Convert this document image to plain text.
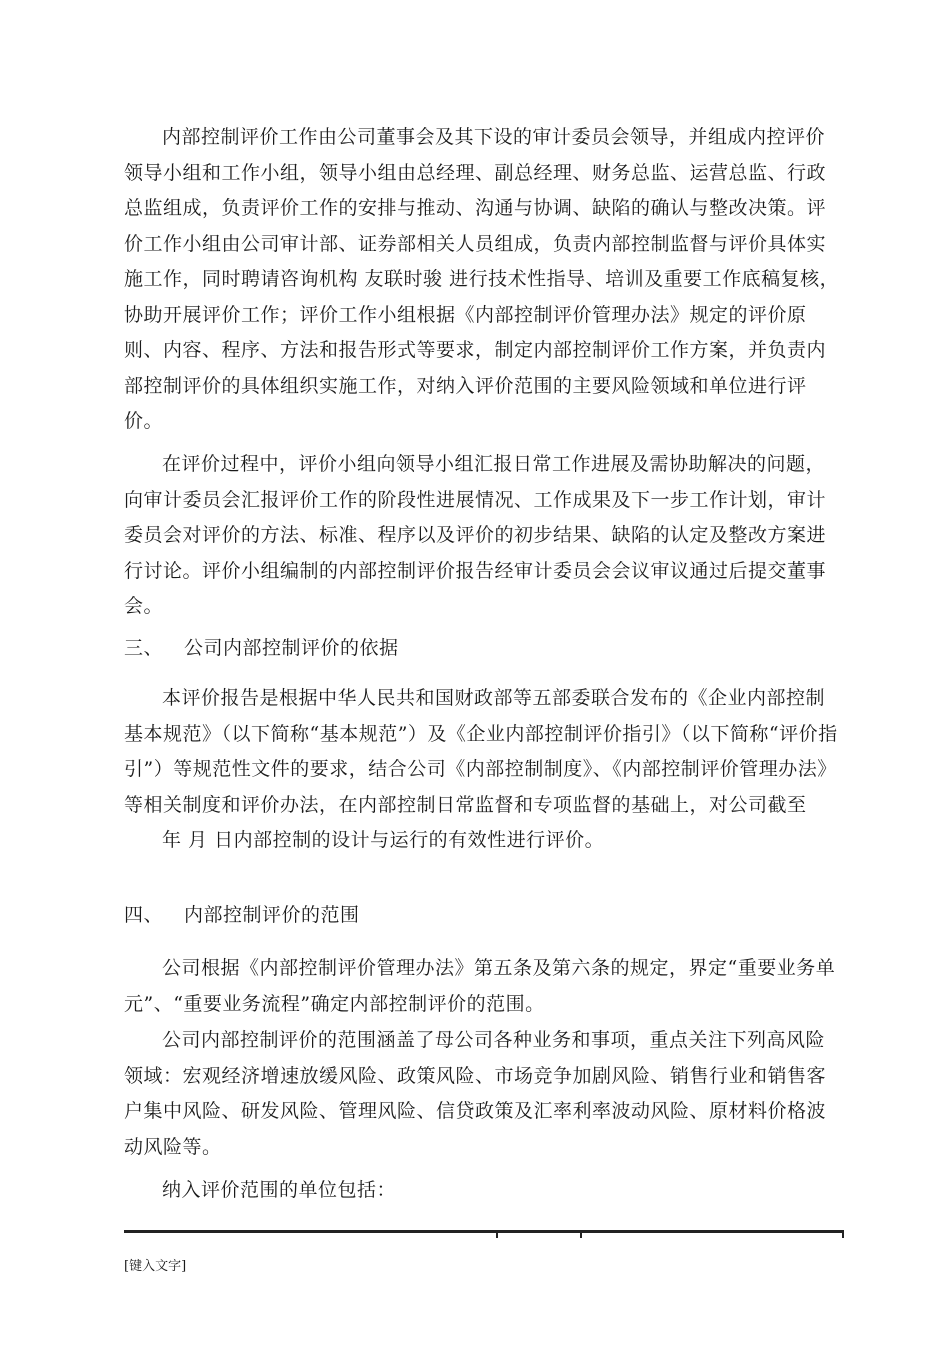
内部控制评价工作由公司董事会及其下设的审计委员会领导，并组成内控评价领导小组和工作小组，领导小组由总经理、副总经理、财务总监、运营总监、行政总监组成，负责评价工作的安排与推动、沟通与协调、缺陷的确认与整改决策。评价工作小组由公司审计部、证券部相关人员组成，负责内部控制监督与评价具体实施工作，同时聘请咨询机构 友联时骏 进行技术性指导、培训及重要工作底稿复核，协助开展评价工作；评价工作小组根据《内部控制评价管理办法》规定的评价原则、内容、程序、方法和报告形式等要求，制定内部控制评价工作方案，并负责内部控制评价的具体组织实施工作，对纳入评价范围的主要风险领域和单位进行评价。

在评价过程中，评价小组向领导小组汇报日常工作进展及需协助解决的问题，向审计委员会汇报评价工作的阶段性进展情况、工作成果及下一步工作计划，审计委员会对评价的方法、标准、程序以及评价的初步结果、缺陷的认定及整改方案进行讨论。评价小组编制的内部控制评价报告经审计委员会会议审议通过后提交董事会。

三、	公司内部控制评价的依据

本评价报告是根据中华人民共和国财政部等五部委联合发布的《企业内部控制基本规范》（以下简称“基本规范”）及《企业内部控制评价指引》（以下简称“评价指引”）等规范性文件的要求，结合公司《内部控制制度》、《内部控制评价管理办法》等相关制度和评价办法，在内部控制日常监督和专项监督的基础上，对公司截至

年 月 日内部控制的设计与运行的有效性进行评价。
四、	内部控制评价的范围

公司根据《内部控制评价管理办法》第五条及第六条的规定，界定“重要业务单元”、“重要业务流程”确定内部控制评价的范围。

公司内部控制评价的范围涵盖了母公司各种业务和事项，重点关注下列高风险领域：宏观经济增速放缓风险、政策风险、市场竞争加剧风险、销售行业和销售客户集中风险、研发风险、管理风险、信贷政策及汇率利率波动风险、原材料价格波动风险等。

纳入评价范围的单位包括：

[键入文字]
